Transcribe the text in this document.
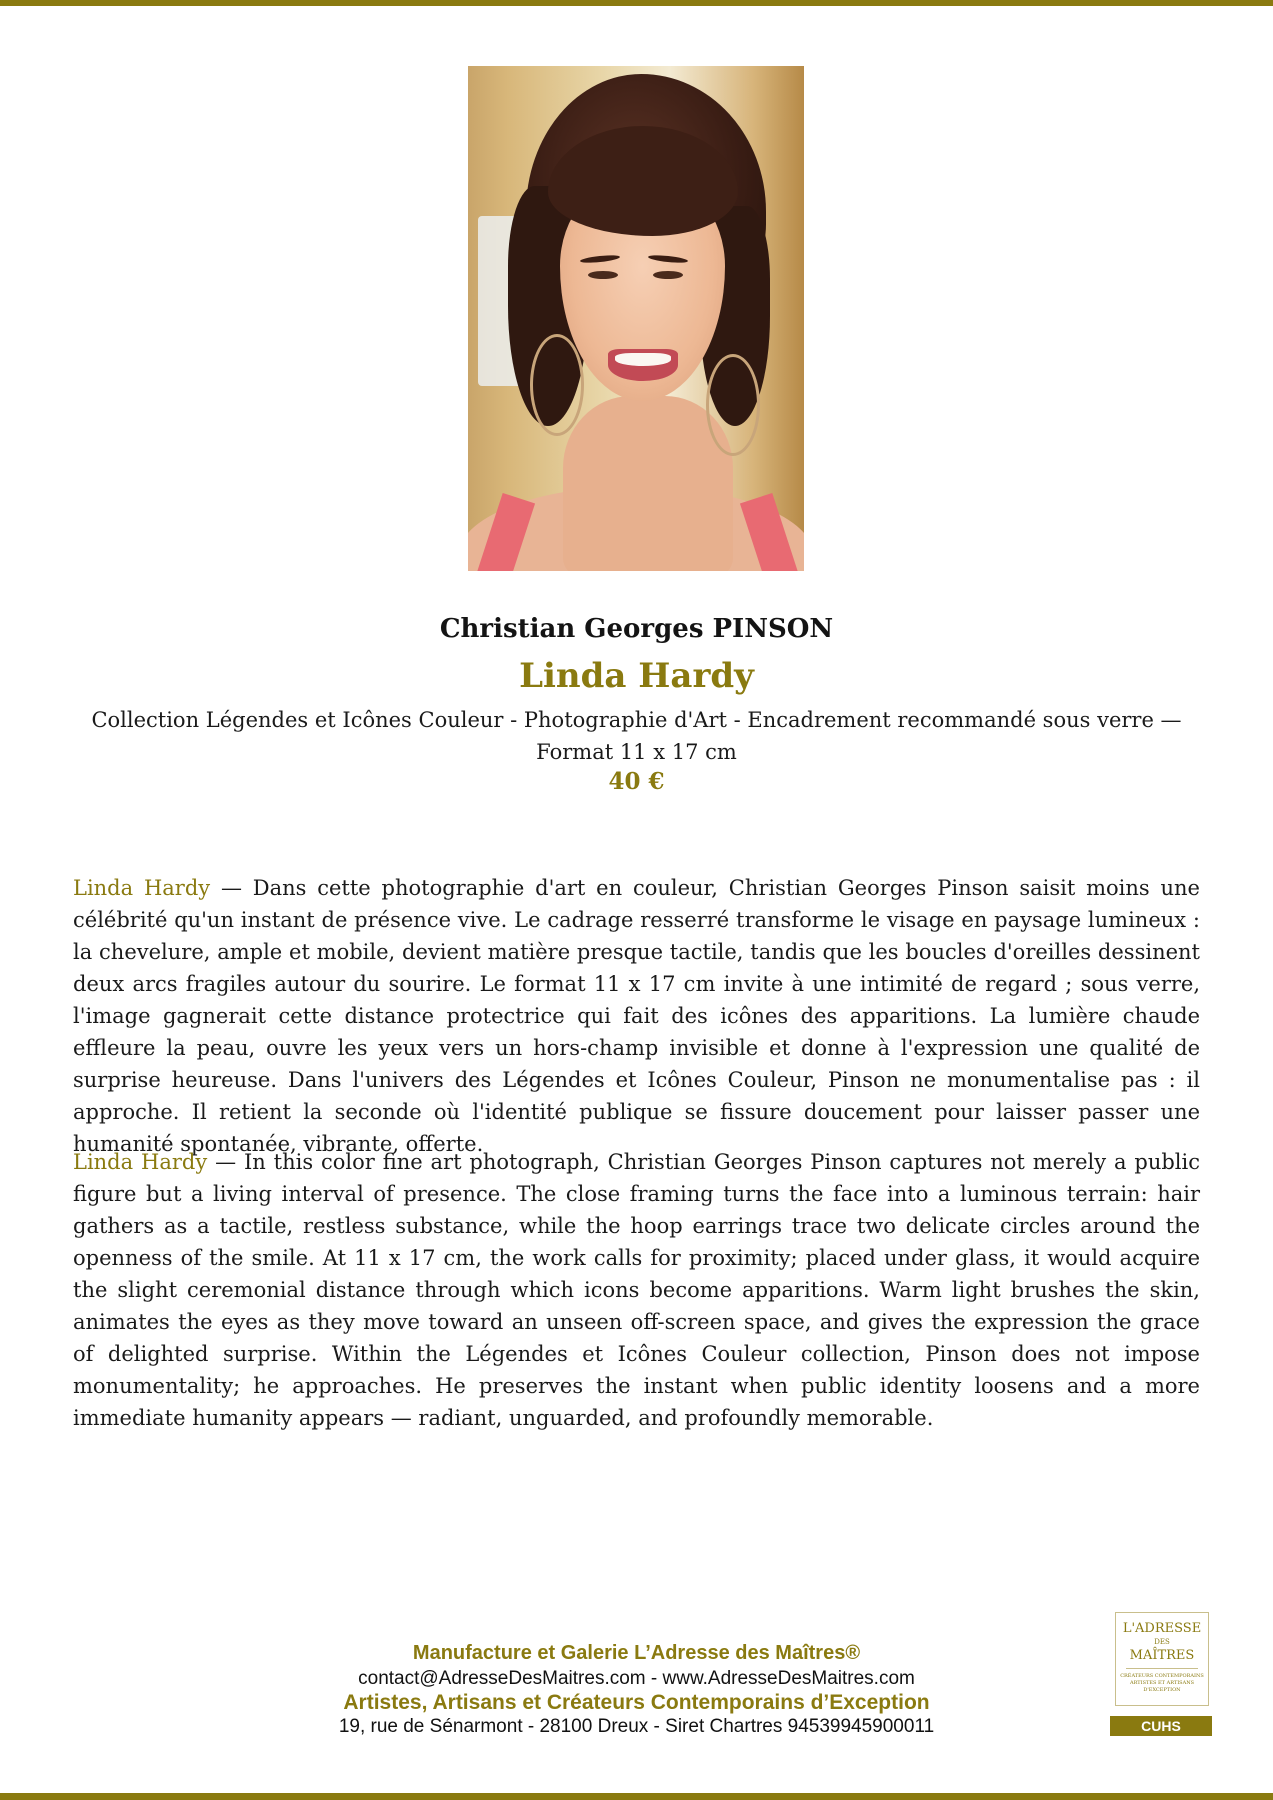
Christian Georges PINSON
Linda Hardy
Collection Légendes et Icônes Couleur - Photographie d'Art - Encadrement recommandé sous verre — Format 11 x 17 cm
40 €

Linda Hardy — Dans cette photographie d'art en couleur, Christian Georges Pinson saisit moins une célébrité qu'un instant de présence vive. Le cadrage resserré transforme le visage en paysage lumineux : la chevelure, ample et mobile, devient matière presque tactile, tandis que les boucles d'oreilles dessinent deux arcs fragiles autour du sourire. Le format 11 x 17 cm invite à une intimité de regard ; sous verre, l'image gagnerait cette distance protectrice qui fait des icônes des apparitions. La lumière chaude effleure la peau, ouvre les yeux vers un hors-champ invisible et donne à l'expression une qualité de surprise heureuse. Dans l'univers des Légendes et Icônes Couleur, Pinson ne monumentalise pas : il approche. Il retient la seconde où l'identité publique se fissure doucement pour laisser passer une humanité spontanée, vibrante, offerte.

Linda Hardy — In this color fine art photograph, Christian Georges Pinson captures not merely a public figure but a living interval of presence. The close framing turns the face into a luminous terrain: hair gathers as a tactile, restless substance, while the hoop earrings trace two delicate circles around the openness of the smile. At 11 x 17 cm, the work calls for proximity; placed under glass, it would acquire the slight ceremonial distance through which icons become apparitions. Warm light brushes the skin, animates the eyes as they move toward an unseen off-screen space, and gives the expression the grace of delighted surprise. Within the Légendes et Icônes Couleur collection, Pinson does not impose monumentality; he approaches. He preserves the instant when public identity loosens and a more immediate humanity appears — radiant, unguarded, and profoundly memorable.

Manufacture et Galerie L’Adresse des Maîtres®
contact@AdresseDesMaitres.com - www.AdresseDesMaitres.com
Artistes, Artisans et Créateurs Contemporains d’Exception
19, rue de Sénarmont - 28100 Dreux - Siret Chartres 94539945900011
L'ADRESSE
DES
MAÎTRES
CRÉATEURS CONTEMPORAINS ARTISTES ET ARTISANS D'EXCEPTION
CUHS
